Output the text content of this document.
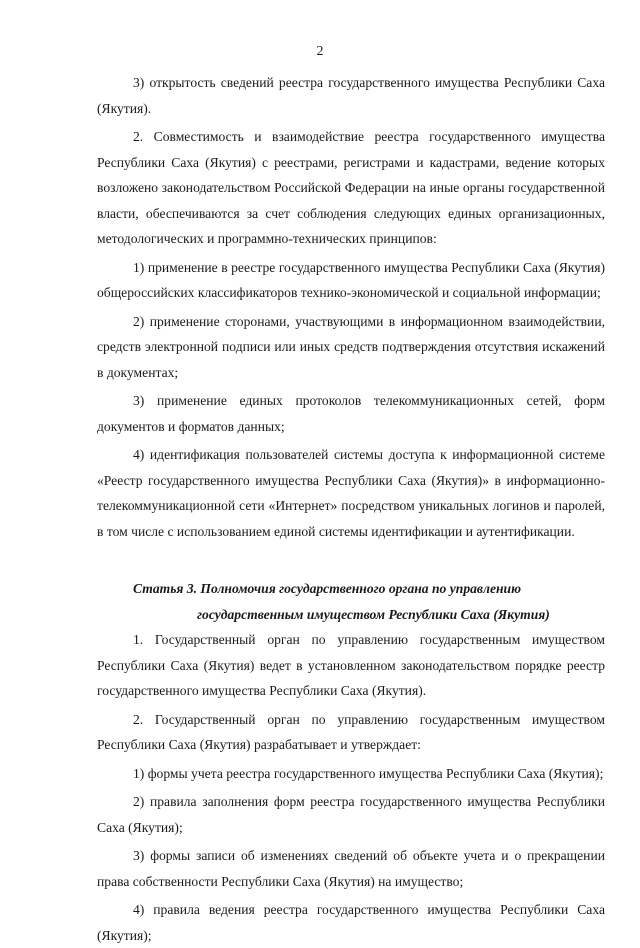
2

3) открытость сведений реестра государственного имущества Республики Саха (Якутия).

2. Совместимость и взаимодействие реестра государственного имущества Республики Саха (Якутия) с реестрами, регистрами и кадастрами, ведение которых возложено законодательством Российской Федерации на иные органы государственной власти, обеспечиваются за счет соблюдения следующих единых организационных, методологических и программно-технических принципов:

1) применение в реестре государственного имущества Республики Саха (Якутия) общероссийских классификаторов технико-экономической и социальной информации;

2) применение сторонами, участвующими в информационном взаимодействии, средств электронной подписи или иных средств подтверждения отсутствия искажений в документах;

3) применение единых протоколов телекоммуникационных сетей, форм документов и форматов данных;

4) идентификация пользователей системы доступа к информационной системе «Реестр государственного имущества Республики Саха (Якутия)» в информационно-телекоммуникационной сети «Интернет» посредством уникальных логинов и паролей, в том числе с использованием единой системы идентификации и аутентификации.

Статья 3. Полномочия государственного органа по управлению
государственным имуществом Республики Саха (Якутия)

1. Государственный орган по управлению государственным имуществом Республики Саха (Якутия) ведет в установленном законодательством порядке реестр государственного имущества Республики Саха (Якутия).

2. Государственный орган по управлению государственным имуществом Республики Саха (Якутия) разрабатывает и утверждает:

1) формы учета реестра государственного имущества Республики Саха (Якутия);

2) правила заполнения форм реестра государственного имущества Республики Саха (Якутия);

3) формы записи об изменениях сведений об объекте учета и о прекращении права собственности Республики Саха (Якутия) на имущество;

4) правила ведения реестра государственного имущества Республики Саха (Якутия);
